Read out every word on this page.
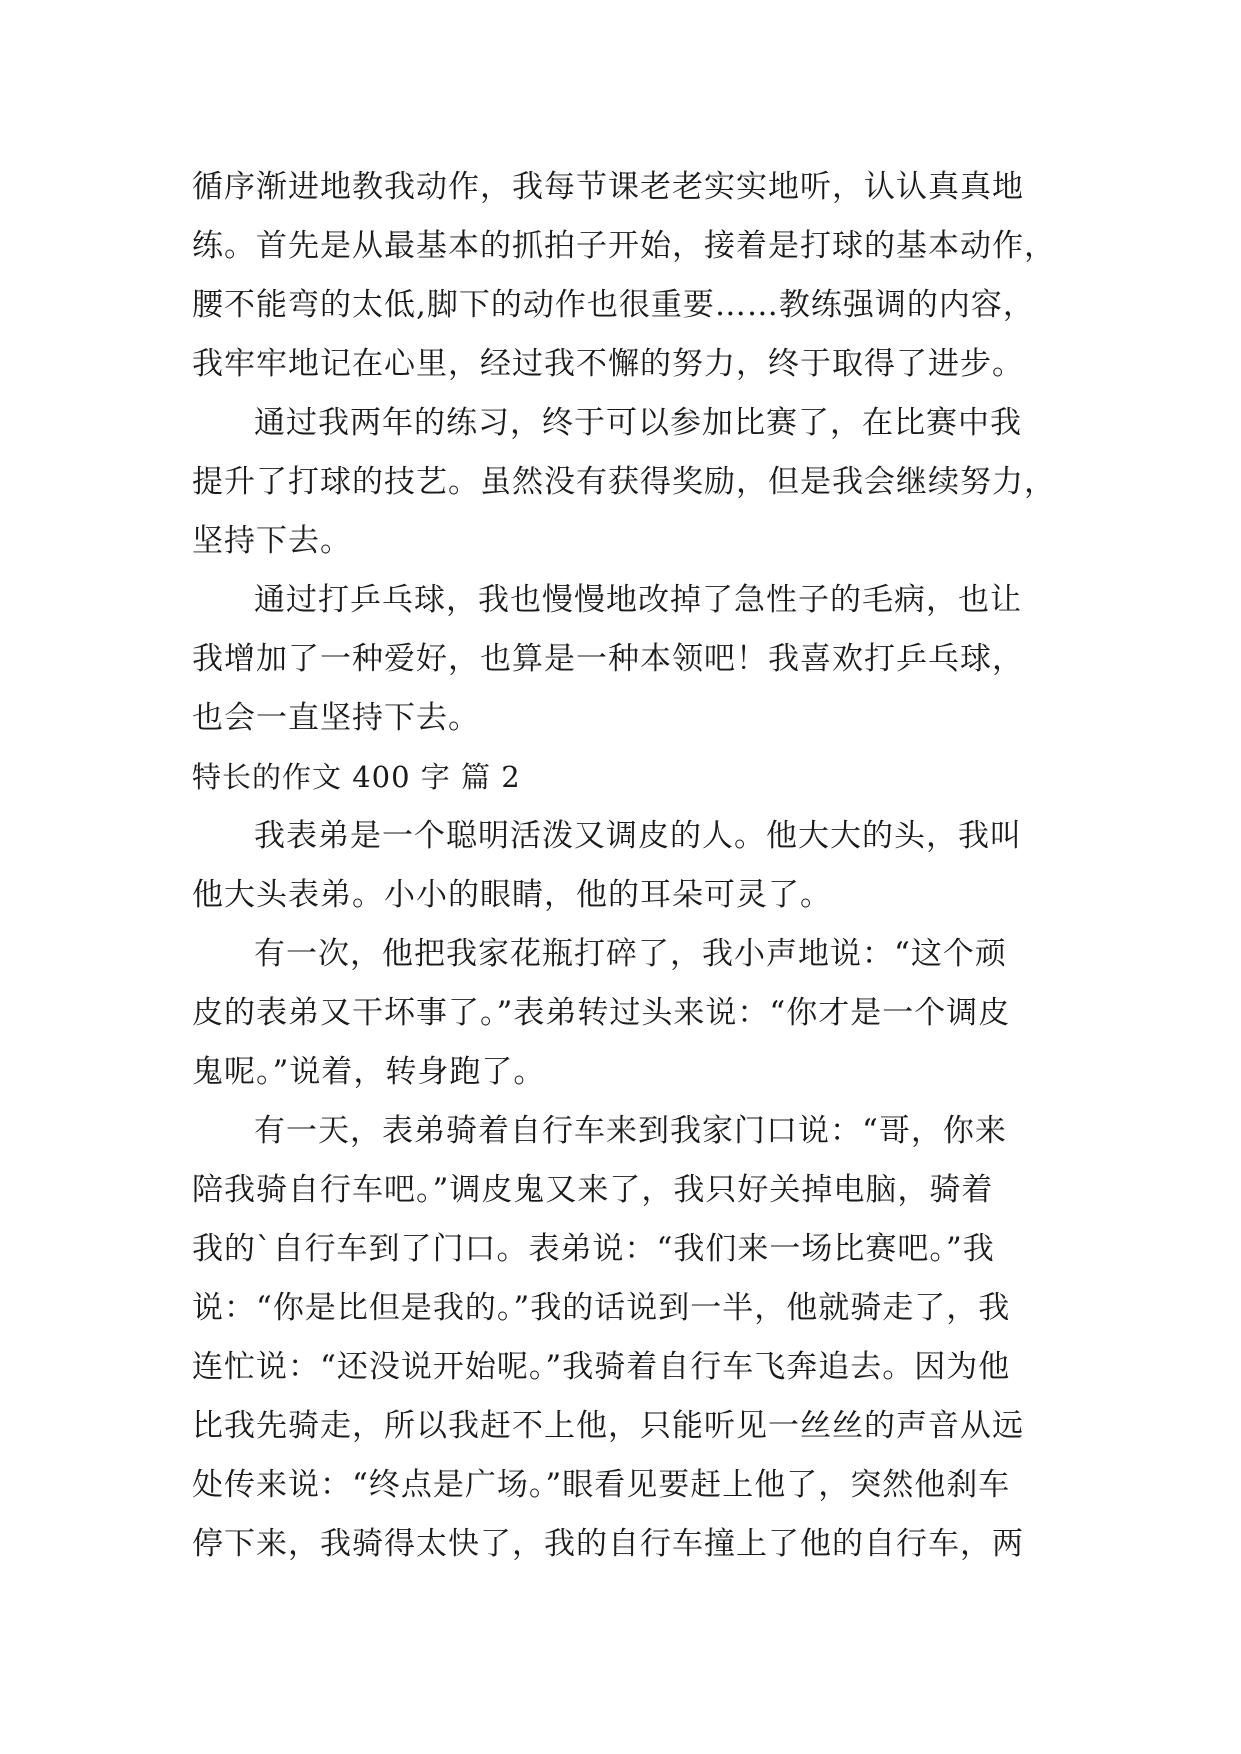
循序渐进地教我动作，我每节课老老实实地听，认认真真地
练。首先是从最基本的抓拍子开始，接着是打球的基本动作，
腰不能弯的太低,脚下的动作也很重要……教练强调的内容，
我牢牢地记在心里，经过我不懈的努力，终于取得了进步。
通过我两年的练习，终于可以参加比赛了，在比赛中我
提升了打球的技艺。虽然没有获得奖励，但是我会继续努力，
坚持下去。
通过打乒乓球，我也慢慢地改掉了急性子的毛病，也让
我增加了一种爱好，也算是一种本领吧！我喜欢打乒乓球，
也会一直坚持下去。
特长的作文 400 字 篇 2
我表弟是一个聪明活泼又调皮的人。他大大的头，我叫
他大头表弟。小小的眼睛，他的耳朵可灵了。
有一次，他把我家花瓶打碎了，我小声地说：“这个顽
皮的表弟又干坏事了。”表弟转过头来说：“你才是一个调皮
鬼呢。”说着，转身跑了。
有一天，表弟骑着自行车来到我家门口说：“哥，你来
陪我骑自行车吧。”调皮鬼又来了，我只好关掉电脑，骑着
我的`自行车到了门口。表弟说：“我们来一场比赛吧。”我
说：“你是比但是我的。”我的话说到一半，他就骑走了，我
连忙说：“还没说开始呢。”我骑着自行车飞奔追去。因为他
比我先骑走，所以我赶不上他，只能听见一丝丝的声音从远
处传来说：“终点是广场。”眼看见要赶上他了，突然他刹车
停下来，我骑得太快了，我的自行车撞上了他的自行车，两
